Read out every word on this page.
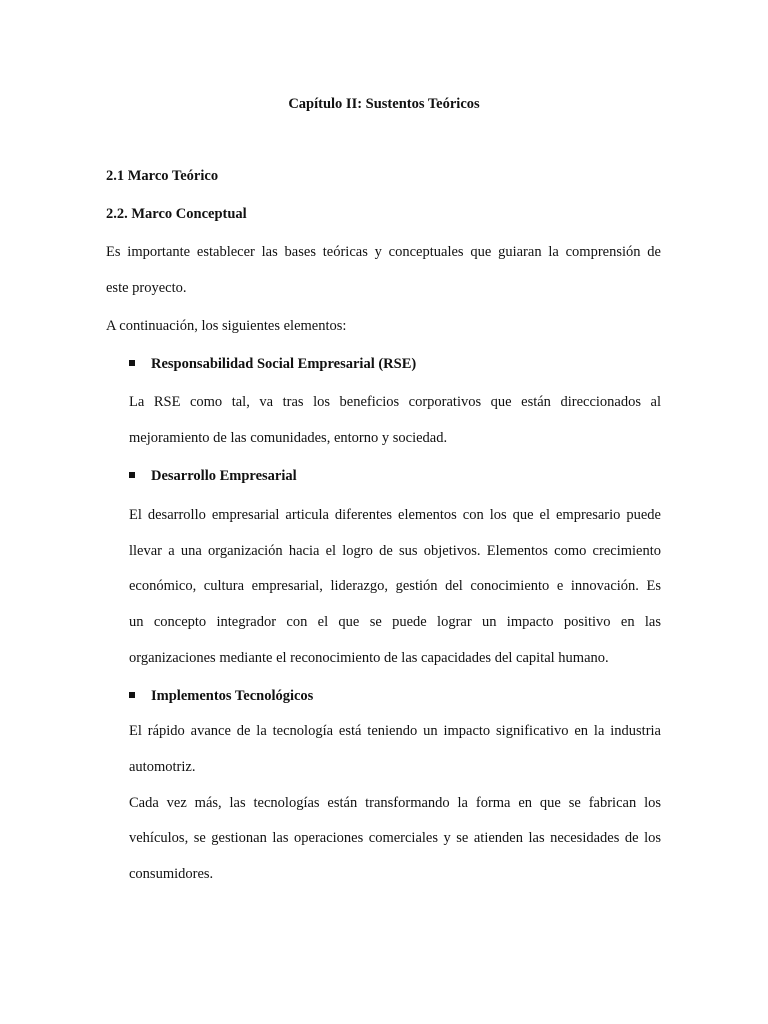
Capítulo II: Sustentos Teóricos
2.1 Marco Teórico
2.2. Marco Conceptual
Es importante establecer las bases teóricas y conceptuales que guiaran la comprensión de
este proyecto.
A continuación, los siguientes elementos:
Responsabilidad Social Empresarial (RSE)
La RSE como tal, va tras los beneficios corporativos que están direccionados al
mejoramiento de las comunidades, entorno y sociedad.
Desarrollo Empresarial
El desarrollo empresarial articula diferentes elementos con los que el empresario puede
llevar a una organización hacia el logro de sus objetivos. Elementos como crecimiento
económico, cultura empresarial, liderazgo, gestión del conocimiento e innovación. Es
un concepto integrador con el que se puede lograr un impacto positivo en las
organizaciones mediante el reconocimiento de las capacidades del capital humano.
Implementos Tecnológicos
El rápido avance de la tecnología está teniendo un impacto significativo en la industria
automotriz.
Cada vez más, las tecnologías están transformando la forma en que se fabrican los
vehículos, se gestionan las operaciones comerciales y se atienden las necesidades de los
consumidores.
